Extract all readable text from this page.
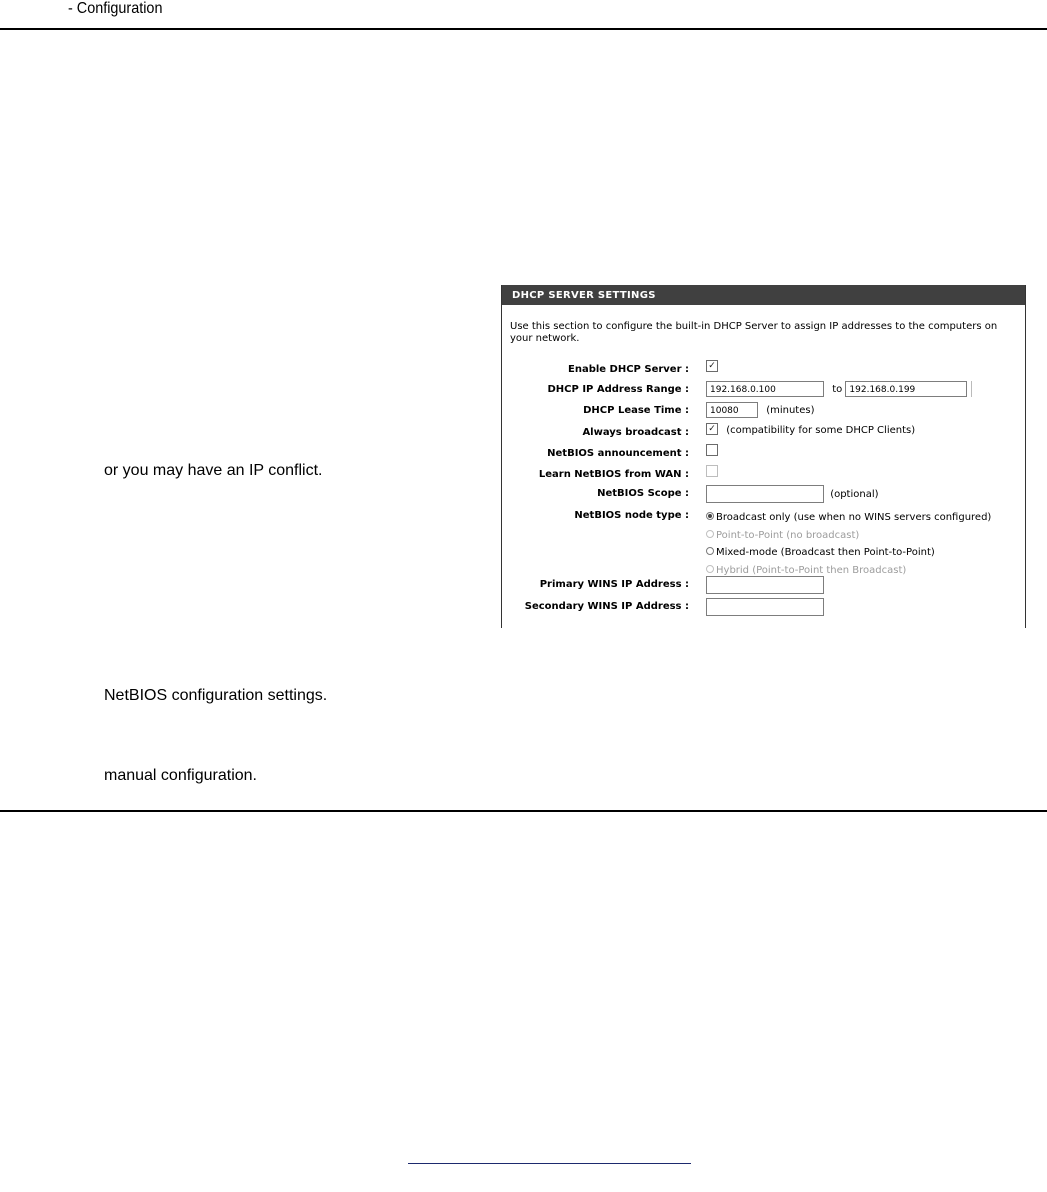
- Configuration
or you may have an IP conflict.
NetBIOS configuration settings.
manual configuration.
DHCP SERVER SETTINGS
Use this section to configure the built-in DHCP Server to assign IP addresses to the computers on your network.
Enable DHCP Server : ✓
DHCP IP Address Range :	192.168.0.100	to 192.168.0.199
DHCP Lease Time :	10080	(minutes)
Always broadcast : ✓ (compatibility for some DHCP Clients)
NetBIOS announcement :
Learn NetBIOS from WAN :
NetBIOS Scope :	(optional)
NetBIOS node type :	Broadcast only (use when no WINS servers configured)
Point-to-Point (no broadcast)
Mixed-mode (Broadcast then Point-to-Point)
Hybrid (Point-to-Point then Broadcast)
Primary WINS IP Address :
Secondary WINS IP Address :
